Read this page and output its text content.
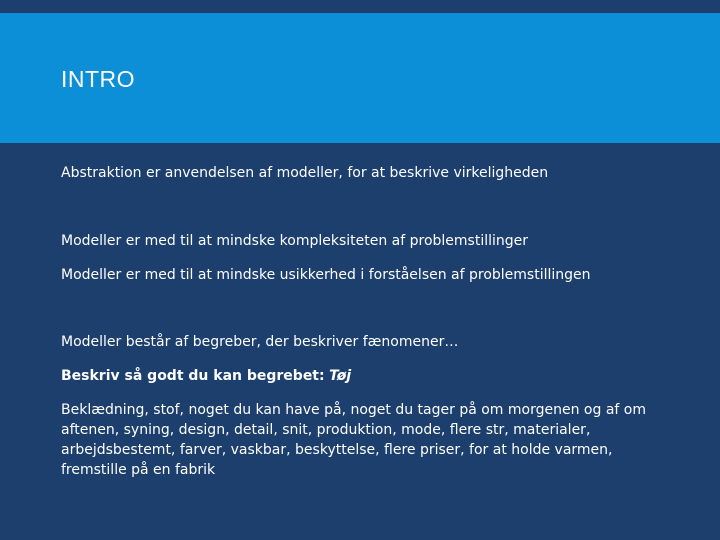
INTRO

Abstraktion er anvendelsen af modeller, for at beskrive virkeligheden

Modeller er med til at mindske kompleksiteten af problemstillinger

Modeller er med til at mindske usikkerhed i forståelsen af problemstillingen

Modeller består af begreber, der beskriver fænomener…

Beskriv så godt du kan begrebet: Tøj

Beklædning, stof, noget du kan have på, noget du tager på om morgenen og af om aftenen, syning, design, detail, snit, produktion, mode, flere str, materialer, arbejdsbestemt, farver, vaskbar, beskyttelse, flere priser, for at holde varmen, fremstille på en fabrik
